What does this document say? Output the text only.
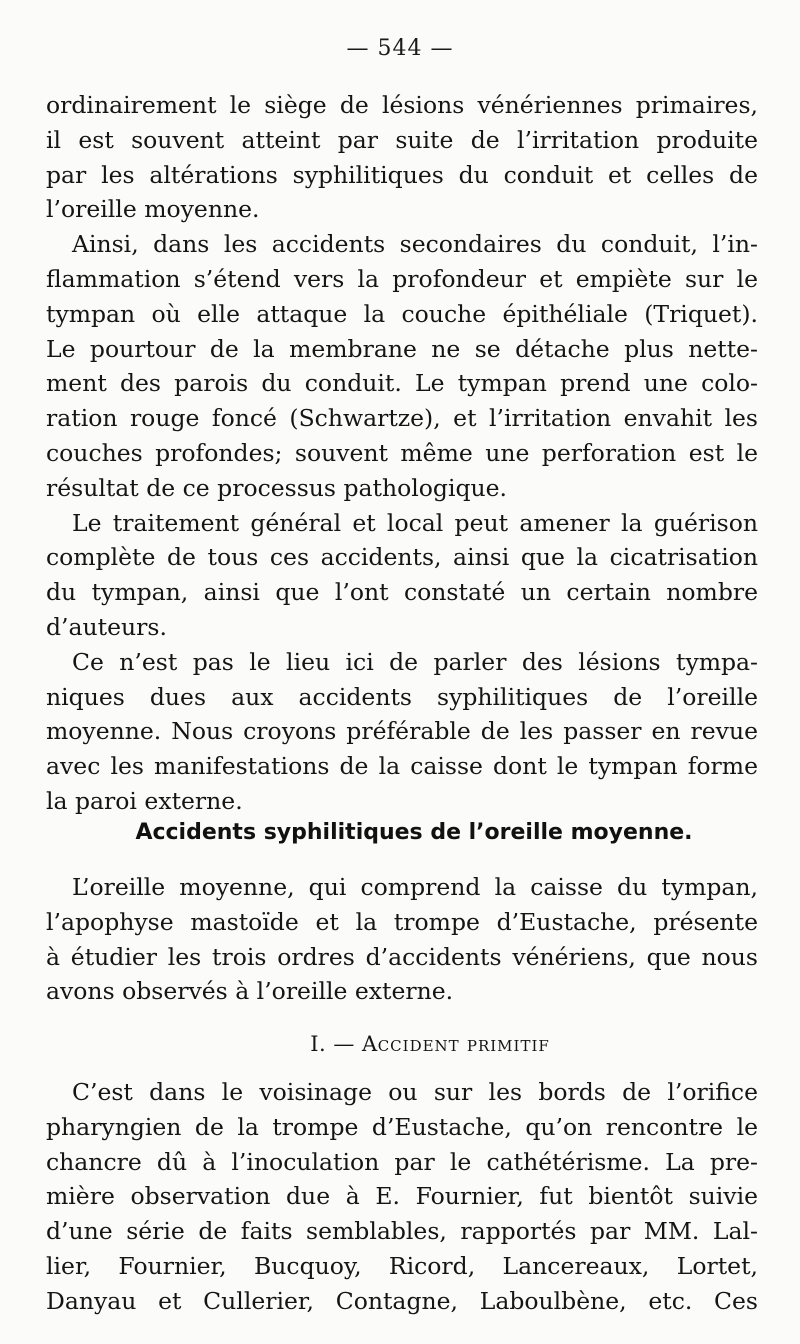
— 544 —
ordinairement le siège de lésions vénériennes primaires,
il est souvent atteint par suite de l’irritation produite
par les altérations syphilitiques du conduit et celles de
l’oreille moyenne.
Ainsi, dans les accidents secondaires du conduit, l’in-
flammation s’étend vers la profondeur et empiète sur le
tympan où elle attaque la couche épithéliale (Triquet).
Le pourtour de la membrane ne se détache plus nette-
ment des parois du conduit. Le tympan prend une colo-
ration rouge foncé (Schwartze), et l’irritation envahit les
couches profondes; souvent même une perforation est le
résultat de ce processus pathologique.
Le traitement général et local peut amener la guérison
complète de tous ces accidents, ainsi que la cicatrisation
du tympan, ainsi que l’ont constaté un certain nombre
d’auteurs.
Ce n’est pas le lieu ici de parler des lésions tympa-
niques dues aux accidents syphilitiques de l’oreille
moyenne. Nous croyons préférable de les passer en revue
avec les manifestations de la caisse dont le tympan forme
la paroi externe.
Accidents syphilitiques de l’oreille moyenne.
L’oreille moyenne, qui comprend la caisse du tympan,
l’apophyse mastoïde et la trompe d’Eustache, présente
à étudier les trois ordres d’accidents vénériens, que nous
avons observés à l’oreille externe.
I. — ACCIDENT PRIMITIF
C’est dans le voisinage ou sur les bords de l’orifice
pharyngien de la trompe d’Eustache, qu’on rencontre le
chancre dû à l’inoculation par le cathétérisme. La pre-
mière observation due à E. Fournier, fut bientôt suivie
d’une série de faits semblables, rapportés par MM. Lal-
lier, Fournier, Bucquoy, Ricord, Lancereaux, Lortet,
Danyau et Cullerier, Contagne, Laboulbène, etc. Ces
